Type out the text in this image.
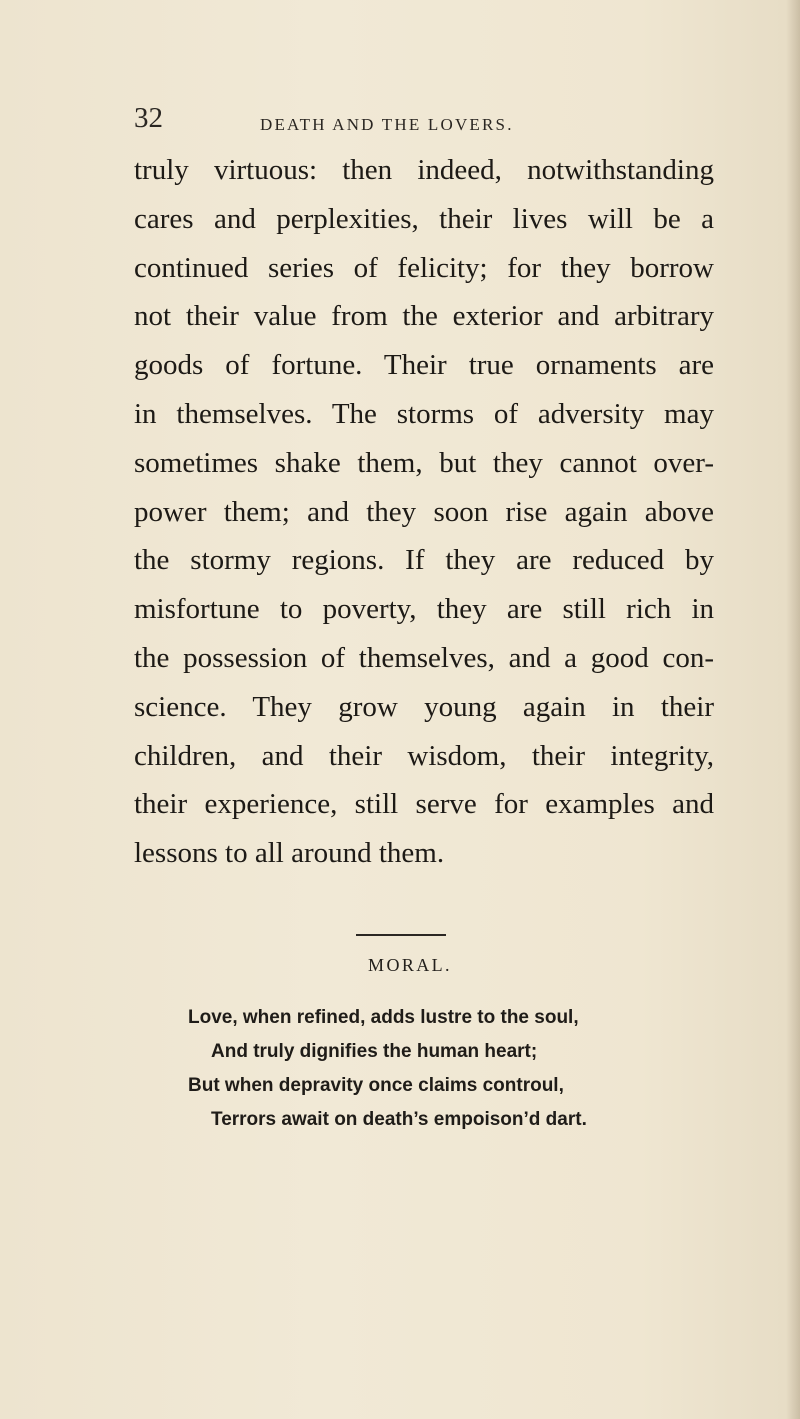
32	DEATH AND THE LOVERS.
truly virtuous: then indeed, notwithstanding
cares and perplexities, their lives will be a
continued series of felicity; for they borrow
not their value from the exterior and arbitrary
goods of fortune. Their true ornaments are
in themselves. The storms of adversity may
sometimes shake them, but they cannot over-
power them; and they soon rise again above
the stormy regions. If they are reduced by
misfortune to poverty, they are still rich in
the possession of themselves, and a good con-
science. They grow young again in their
children, and their wisdom, their integrity,
their experience, still serve for examples and
lessons to all around them.
MORAL.
Love, when refined, adds lustre to the soul,
And truly dignifies the human heart;
But when depravity once claims controul,
Terrors await on death’s empoison’d dart.
